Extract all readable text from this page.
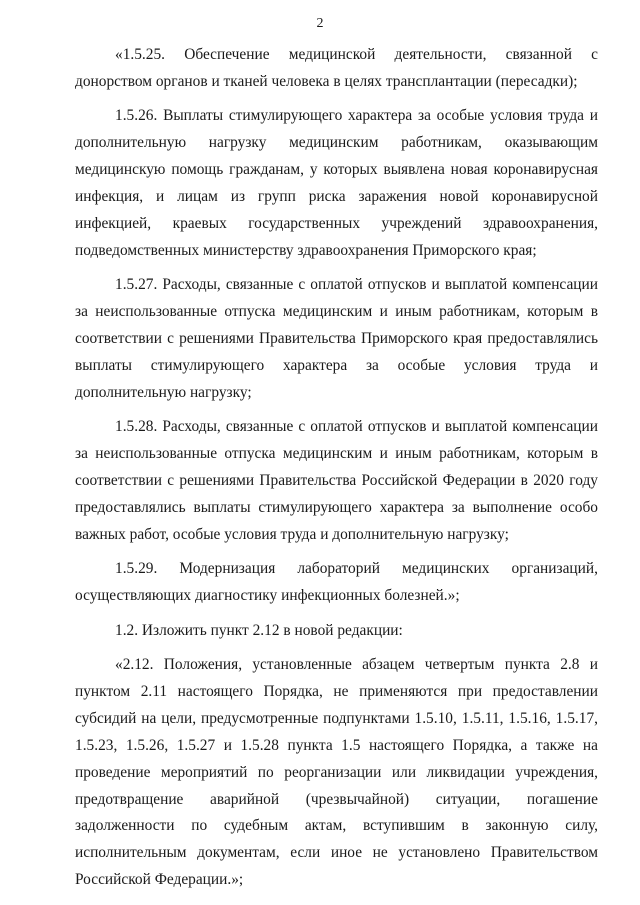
2

«1.5.25. Обеспечение медицинской деятельности, связанной с донорством органов и тканей человека в целях трансплантации (пересадки);

1.5.26. Выплаты стимулирующего характера за особые условия труда и дополнительную нагрузку медицинским работникам, оказывающим медицинскую помощь гражданам, у которых выявлена новая коронавирусная инфекция, и лицам из групп риска заражения новой коронавирусной инфекцией, краевых государственных учреждений здравоохранения, подведомственных министерству здравоохранения Приморского края;

1.5.27. Расходы, связанные с оплатой отпусков и выплатой компенсации за неиспользованные отпуска медицинским и иным работникам, которым в соответствии с решениями Правительства Приморского края предоставлялись выплаты стимулирующего характера за особые условия труда и дополнительную нагрузку;

1.5.28. Расходы, связанные с оплатой отпусков и выплатой компенсации за неиспользованные отпуска медицинским и иным работникам, которым в соответствии с решениями Правительства Российской Федерации в 2020 году предоставлялись выплаты стимулирующего характера за выполнение особо важных работ, особые условия труда и дополнительную нагрузку;

1.5.29. Модернизация лабораторий медицинских организаций, осуществляющих диагностику инфекционных болезней.»;

1.2. Изложить пункт 2.12 в новой редакции:

«2.12. Положения, установленные абзацем четвертым пункта 2.8 и пунктом 2.11 настоящего Порядка, не применяются при предоставлении субсидий на цели, предусмотренные подпунктами 1.5.10, 1.5.11, 1.5.16, 1.5.17, 1.5.23, 1.5.26, 1.5.27 и 1.5.28 пункта 1.5 настоящего Порядка, а также на проведение мероприятий по реорганизации или ликвидации учреждения, предотвращение аварийной (чрезвычайной) ситуации, погашение задолженности по судебным актам, вступившим в законную силу, исполнительным документам, если иное не установлено Правительством Российской Федерации.»;
